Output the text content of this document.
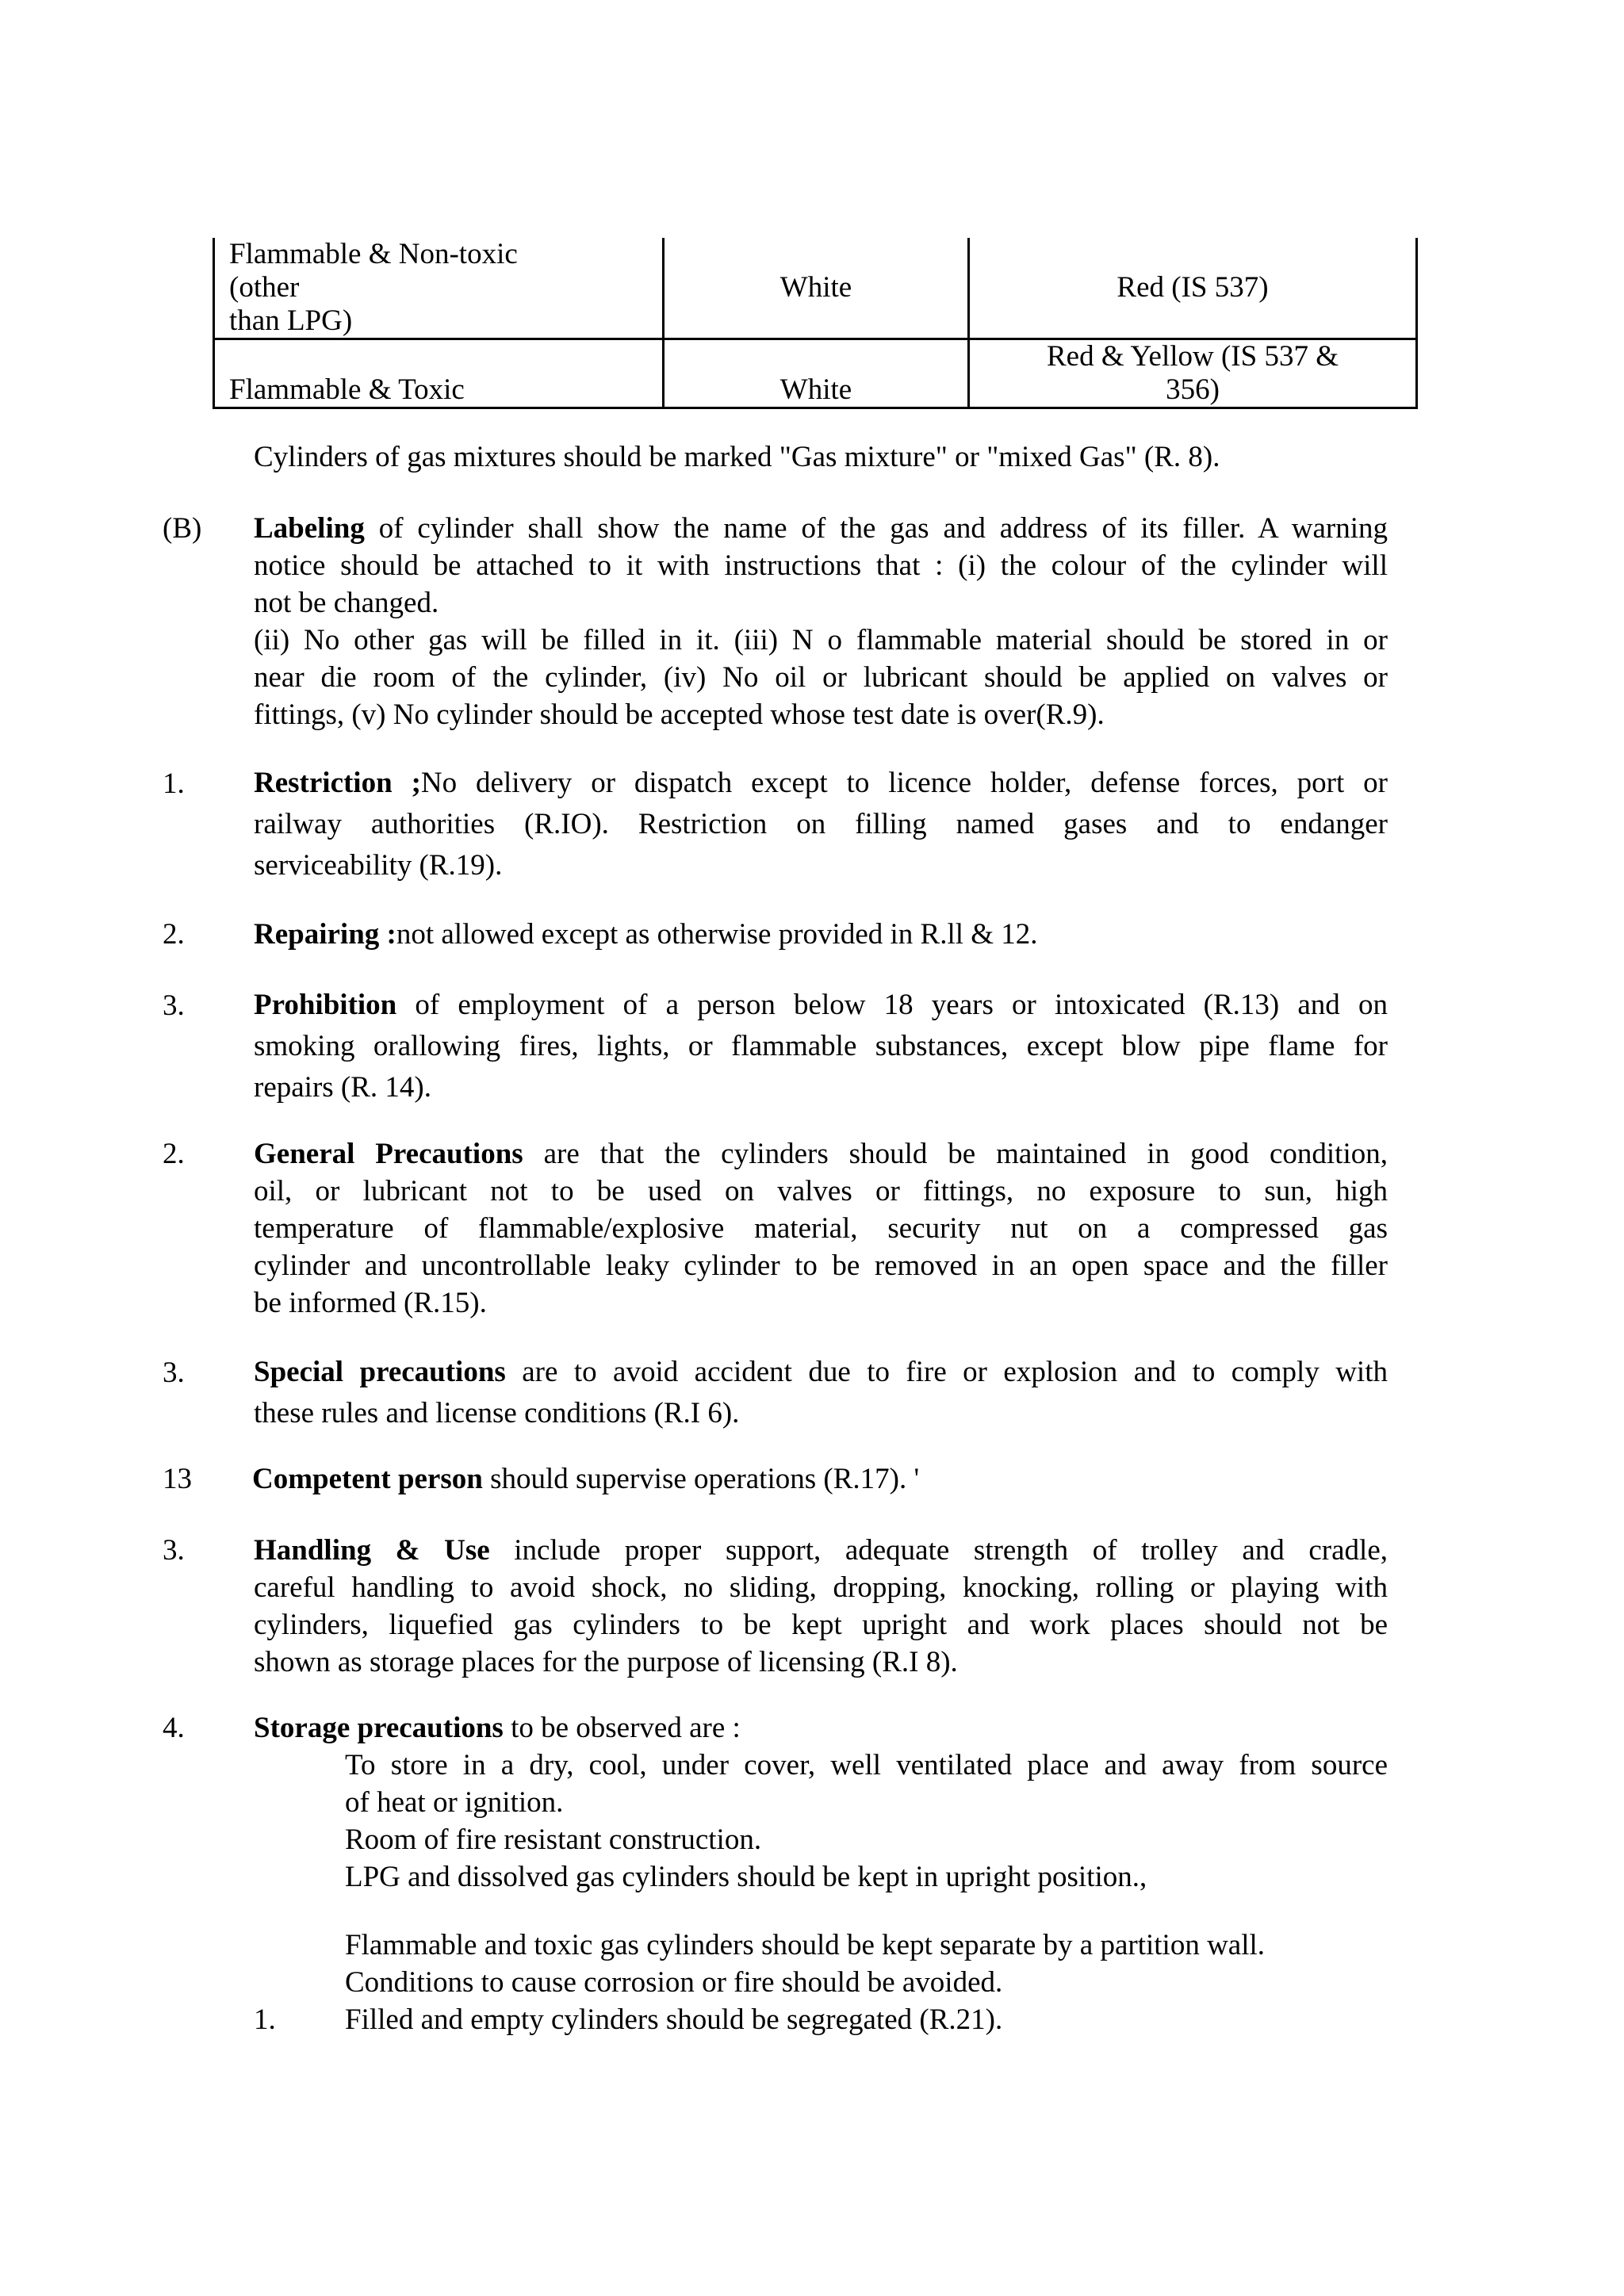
Flammable & Non-toxic
(other
than LPG)	White	Red (IS 537)

Flammable & Toxic	White	Red & Yellow (IS 537 &
356)
Cylinders of gas mixtures should be marked "Gas mixture" or "mixed Gas" (R. 8).
(B) Labeling of cylinder shall show the name of the gas and address of its filler. A warning
notice should be attached to it with instructions that : (i) the colour of the cylinder will
not be changed.
(ii) No other gas will be filled in it. (iii) N o flammable material should be stored in or
near die room of the cylinder, (iv) No oil or lubricant should be applied on valves or
fittings, (v) No cylinder should be accepted whose test date is over(R.9).
1. Restriction ;No delivery or dispatch except to licence holder, defense forces, port or
railway authorities (R.IO). Restriction on filling named gases and to endanger
serviceability (R.19).
2. Repairing :not allowed except as otherwise provided in R.ll & 12.
3. Prohibition of employment of a person below 18 years or intoxicated (R.13) and on
smoking orallowing fires, lights, or flammable substances, except blow pipe flame for
repairs (R. 14).
2. General Precautions are that the cylinders should be maintained in good condition,
oil, or lubricant not to be used on valves or fittings, no exposure to sun, high
temperature of flammable/explosive material, security nut on a compressed gas
cylinder and uncontrollable leaky cylinder to be removed in an open space and the filler
be informed (R.15).
3. Special precautions are to avoid accident due to fire or explosion and to comply with
these rules and license conditions (R.I 6).
13 Competent person should supervise operations (R.17). '
3. Handling & Use include proper support, adequate strength of trolley and cradle,
careful handling to avoid shock, no sliding, dropping, knocking, rolling or playing with
cylinders, liquefied gas cylinders to be kept upright and work places should not be
shown as storage places for the purpose of licensing (R.I 8).
4. Storage precautions to be observed are :
To store in a dry, cool, under cover, well ventilated place and away from source
of heat or ignition.
Room of fire resistant construction.
LPG and dissolved gas cylinders should be kept in upright position.,
Flammable and toxic gas cylinders should be kept separate by a partition wall.
Conditions to cause corrosion or fire should be avoided.
1. Filled and empty cylinders should be segregated (R.21).
